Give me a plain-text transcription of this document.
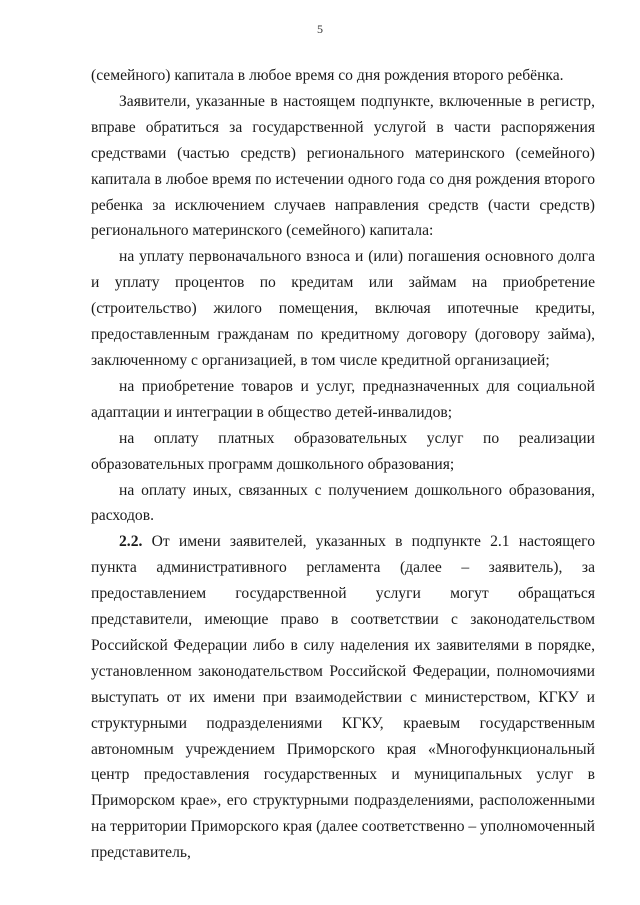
5

(семейного) капитала в любое время со дня рождения второго ребёнка.

Заявители, указанные в настоящем подпункте, включенные в регистр, вправе обратиться за государственной услугой в части распоряжения средствами (частью средств) регионального материнского (семейного) капитала в любое время по истечении одного года со дня рождения второго ребенка за исключением случаев направления средств (части средств) регионального материнского (семейного) капитала:

на уплату первоначального взноса и (или) погашения основного долга и уплату процентов по кредитам или займам на приобретение (строительство) жилого помещения, включая ипотечные кредиты, предоставленным гражданам по кредитному договору (договору займа), заключенному с организацией, в том числе кредитной организацией;

на приобретение товаров и услуг, предназначенных для социальной адаптации и интеграции в общество детей-инвалидов;

на оплату платных образовательных услуг по реализации образовательных программ дошкольного образования;

на оплату иных, связанных с получением дошкольного образования, расходов.

2.2. От имени заявителей, указанных в подпункте 2.1 настоящего пункта административного регламента (далее – заявитель), за предоставлением государственной услуги могут обращаться представители, имеющие право в соответствии с законодательством Российской Федерации либо в силу наделения их заявителями в порядке, установленном законодательством Российской Федерации, полномочиями выступать от их имени при взаимодействии с министерством, КГКУ и структурными подразделениями КГКУ, краевым государственным автономным учреждением Приморского края «Многофункциональный центр предоставления государственных и муниципальных услуг в Приморском крае», его структурными подразделениями, расположенными на территории Приморского края (далее соответственно – уполномоченный представитель,
